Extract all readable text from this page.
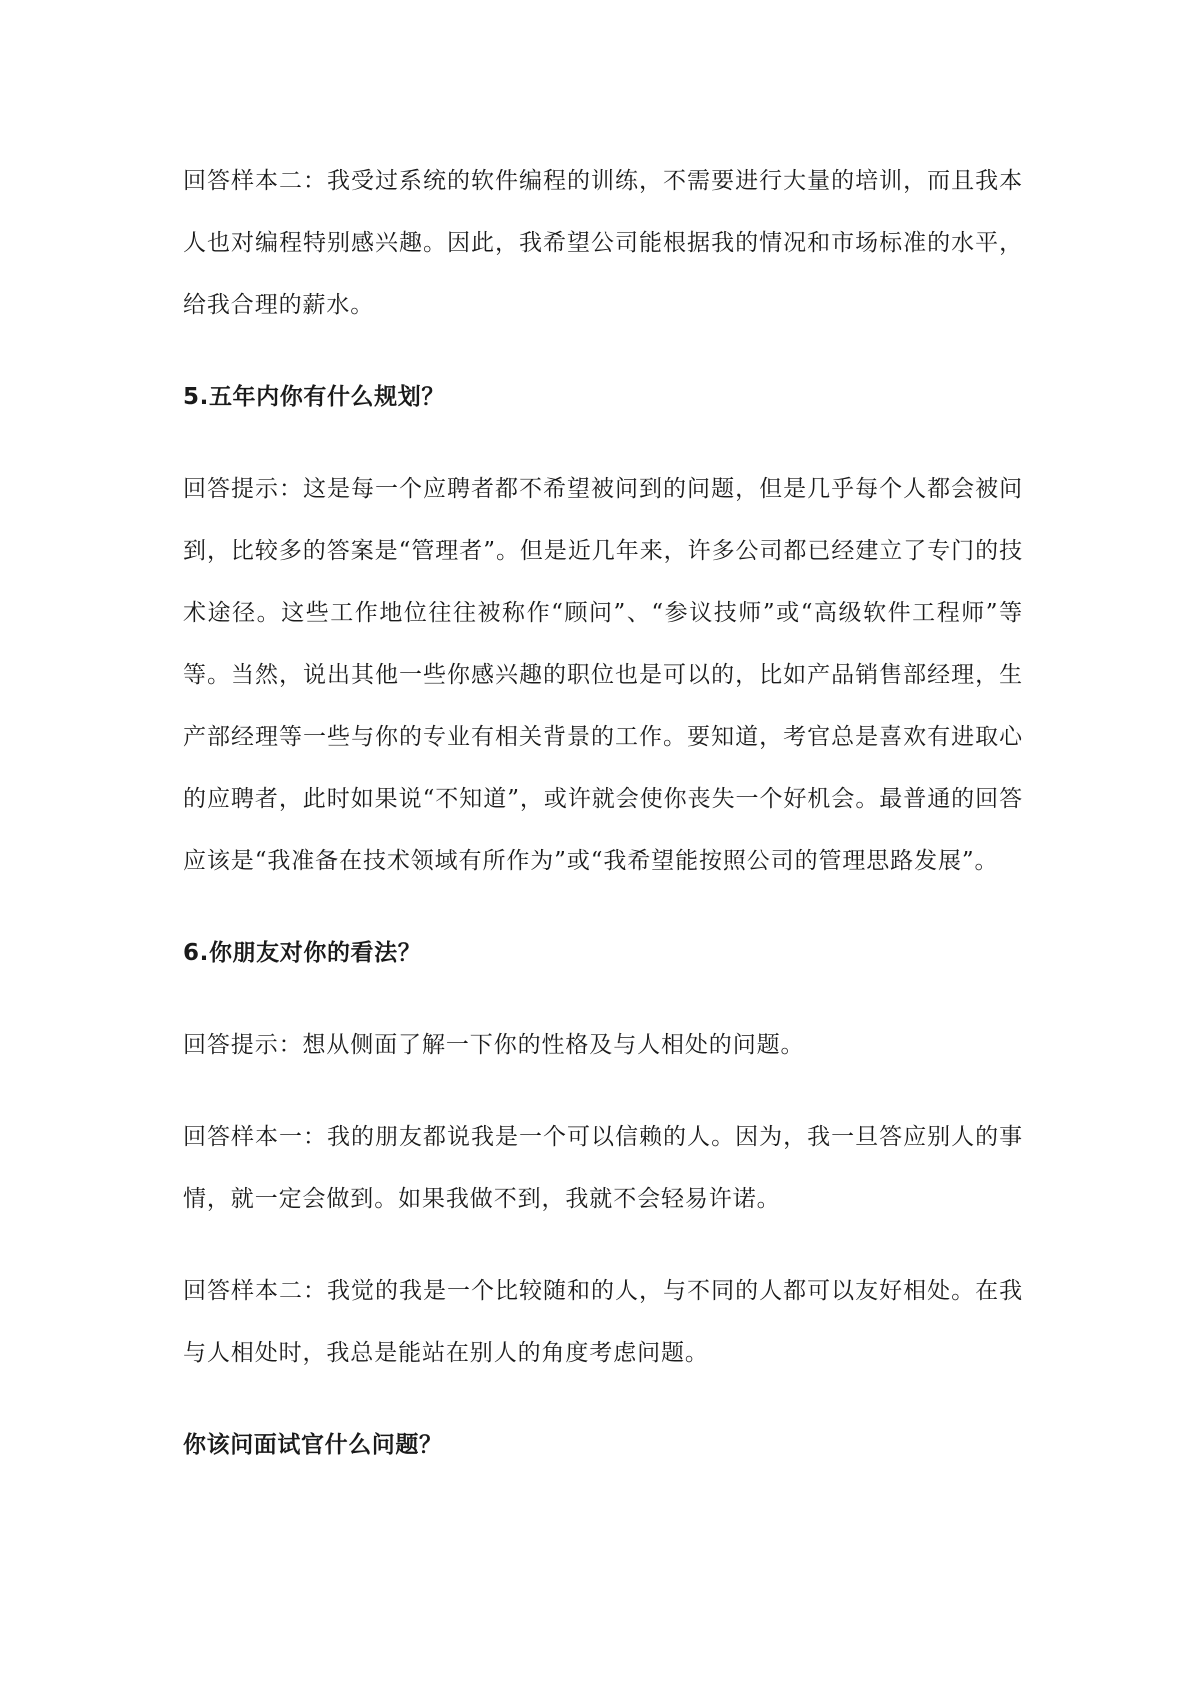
回答样本二：我受过系统的软件编程的训练，不需要进行大量的培训，而且我本人也对编程特别感兴趣。因此，我希望公司能根据我的情况和市场标准的水平，给我合理的薪水。

5.五年内你有什么规划？

回答提示：这是每一个应聘者都不希望被问到的问题，但是几乎每个人都会被问到，比较多的答案是“管理者”。但是近几年来，许多公司都已经建立了专门的技术途径。这些工作地位往往被称作“顾问”、“参议技师”或“高级软件工程师”等等。当然，说出其他一些你感兴趣的职位也是可以的，比如产品销售部经理，生产部经理等一些与你的专业有相关背景的工作。要知道，考官总是喜欢有进取心的应聘者，此时如果说“不知道”，或许就会使你丧失一个好机会。最普通的回答应该是“我准备在技术领域有所作为”或“我希望能按照公司的管理思路发展”。

6.你朋友对你的看法？

回答提示：想从侧面了解一下你的性格及与人相处的问题。

回答样本一：我的朋友都说我是一个可以信赖的人。因为，我一旦答应别人的事情，就一定会做到。如果我做不到，我就不会轻易许诺。

回答样本二：我觉的我是一个比较随和的人，与不同的人都可以友好相处。在我与人相处时，我总是能站在别人的角度考虑问题。

你该问面试官什么问题？
